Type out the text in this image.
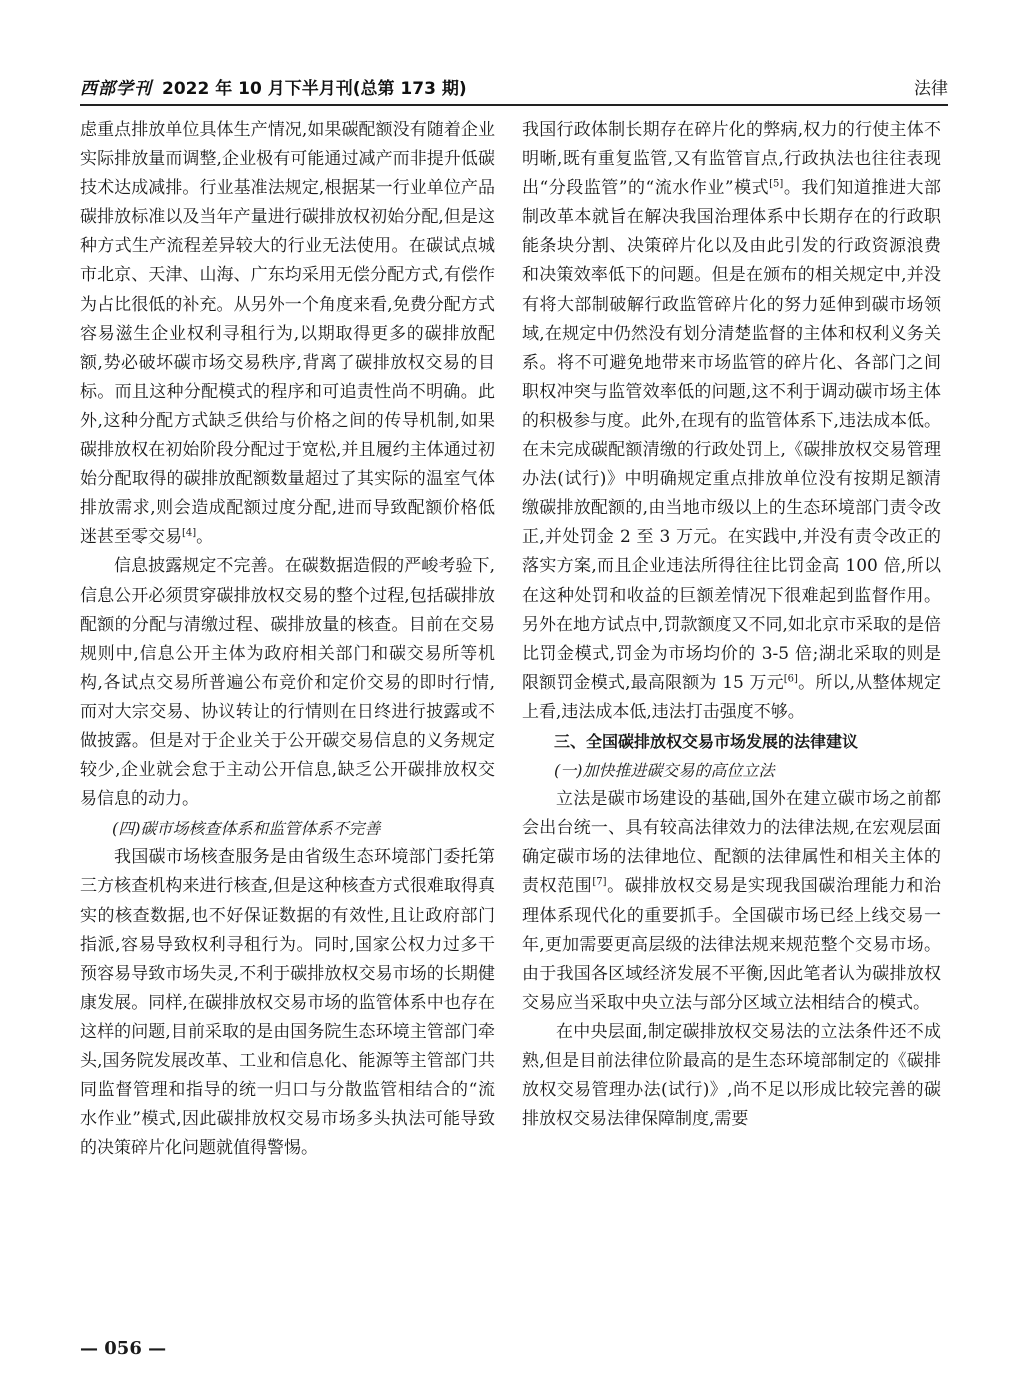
西部学刊 2022 年 10 月下半月刊(总第 173 期)	法律

虑重点排放单位具体生产情况,如果碳配额没有随着企业实际排放量而调整,企业极有可能通过减产而非提升低碳技术达成减排。行业基准法规定,根据某一行业单位产品碳排放标准以及当年产量进行碳排放权初始分配,但是这种方式生产流程差异较大的行业无法使用。在碳试点城市北京、天津、山海、广东均采用无偿分配方式,有偿作为占比很低的补充。从另外一个角度来看,免费分配方式容易滋生企业权利寻租行为,以期取得更多的碳排放配额,势必破坏碳市场交易秩序,背离了碳排放权交易的目标。而且这种分配模式的程序和可追责性尚不明确。此外,这种分配方式缺乏供给与价格之间的传导机制,如果碳排放权在初始阶段分配过于宽松,并且履约主体通过初始分配取得的碳排放配额数量超过了其实际的温室气体排放需求,则会造成配额过度分配,进而导致配额价格低迷甚至零交易[4]。

信息披露规定不完善。在碳数据造假的严峻考验下,信息公开必须贯穿碳排放权交易的整个过程,包括碳排放配额的分配与清缴过程、碳排放量的核查。目前在交易规则中,信息公开主体为政府相关部门和碳交易所等机构,各试点交易所普遍公布竞价和定价交易的即时行情,而对大宗交易、协议转让的行情则在日终进行披露或不做披露。但是对于企业关于公开碳交易信息的义务规定较少,企业就会怠于主动公开信息,缺乏公开碳排放权交易信息的动力。

(四)碳市场核查体系和监管体系不完善

我国碳市场核查服务是由省级生态环境部门委托第三方核查机构来进行核查,但是这种核查方式很难取得真实的核查数据,也不好保证数据的有效性,且让政府部门指派,容易导致权利寻租行为。同时,国家公权力过多干预容易导致市场失灵,不利于碳排放权交易市场的长期健康发展。同样,在碳排放权交易市场的监管体系中也存在这样的问题,目前采取的是由国务院生态环境主管部门牵头,国务院发展改革、工业和信息化、能源等主管部门共同监督管理和指导的统一归口与分散监管相结合的“流水作业”模式,因此碳排放权交易市场多头执法可能导致的决策碎片化问题就值得警惕。

我国行政体制长期存在碎片化的弊病,权力的行使主体不明晰,既有重复监管,又有监管盲点,行政执法也往往表现出“分段监管”的“流水作业”模式[5]。我们知道推进大部制改革本就旨在解决我国治理体系中长期存在的行政职能条块分割、决策碎片化以及由此引发的行政资源浪费和决策效率低下的问题。但是在颁布的相关规定中,并没有将大部制破解行政监管碎片化的努力延伸到碳市场领域,在规定中仍然没有划分清楚监督的主体和权利义务关系。将不可避免地带来市场监管的碎片化、各部门之间职权冲突与监管效率低的问题,这不利于调动碳市场主体的积极参与度。此外,在现有的监管体系下,违法成本低。在未完成碳配额清缴的行政处罚上,《碳排放权交易管理办法(试行)》中明确规定重点排放单位没有按期足额清缴碳排放配额的,由当地市级以上的生态环境部门责令改正,并处罚金 2 至 3 万元。在实践中,并没有责令改正的落实方案,而且企业违法所得往往比罚金高 100 倍,所以在这种处罚和收益的巨额差情况下很难起到监督作用。另外在地方试点中,罚款额度又不同,如北京市采取的是倍比罚金模式,罚金为市场均价的 3-5 倍;湖北采取的则是限额罚金模式,最高限额为 15 万元[6]。所以,从整体规定上看,违法成本低,违法打击强度不够。

三、全国碳排放权交易市场发展的法律建议
(一)加快推进碳交易的高位立法

立法是碳市场建设的基础,国外在建立碳市场之前都会出台统一、具有较高法律效力的法律法规,在宏观层面确定碳市场的法律地位、配额的法律属性和相关主体的责权范围[7]。碳排放权交易是实现我国碳治理能力和治理体系现代化的重要抓手。全国碳市场已经上线交易一年,更加需要更高层级的法律法规来规范整个交易市场。由于我国各区域经济发展不平衡,因此笔者认为碳排放权交易应当采取中央立法与部分区域立法相结合的模式。

在中央层面,制定碳排放权交易法的立法条件还不成熟,但是目前法律位阶最高的是生态环境部制定的《碳排放权交易管理办法(试行)》,尚不足以形成比较完善的碳排放权交易法律保障制度,需要

— 056 —
